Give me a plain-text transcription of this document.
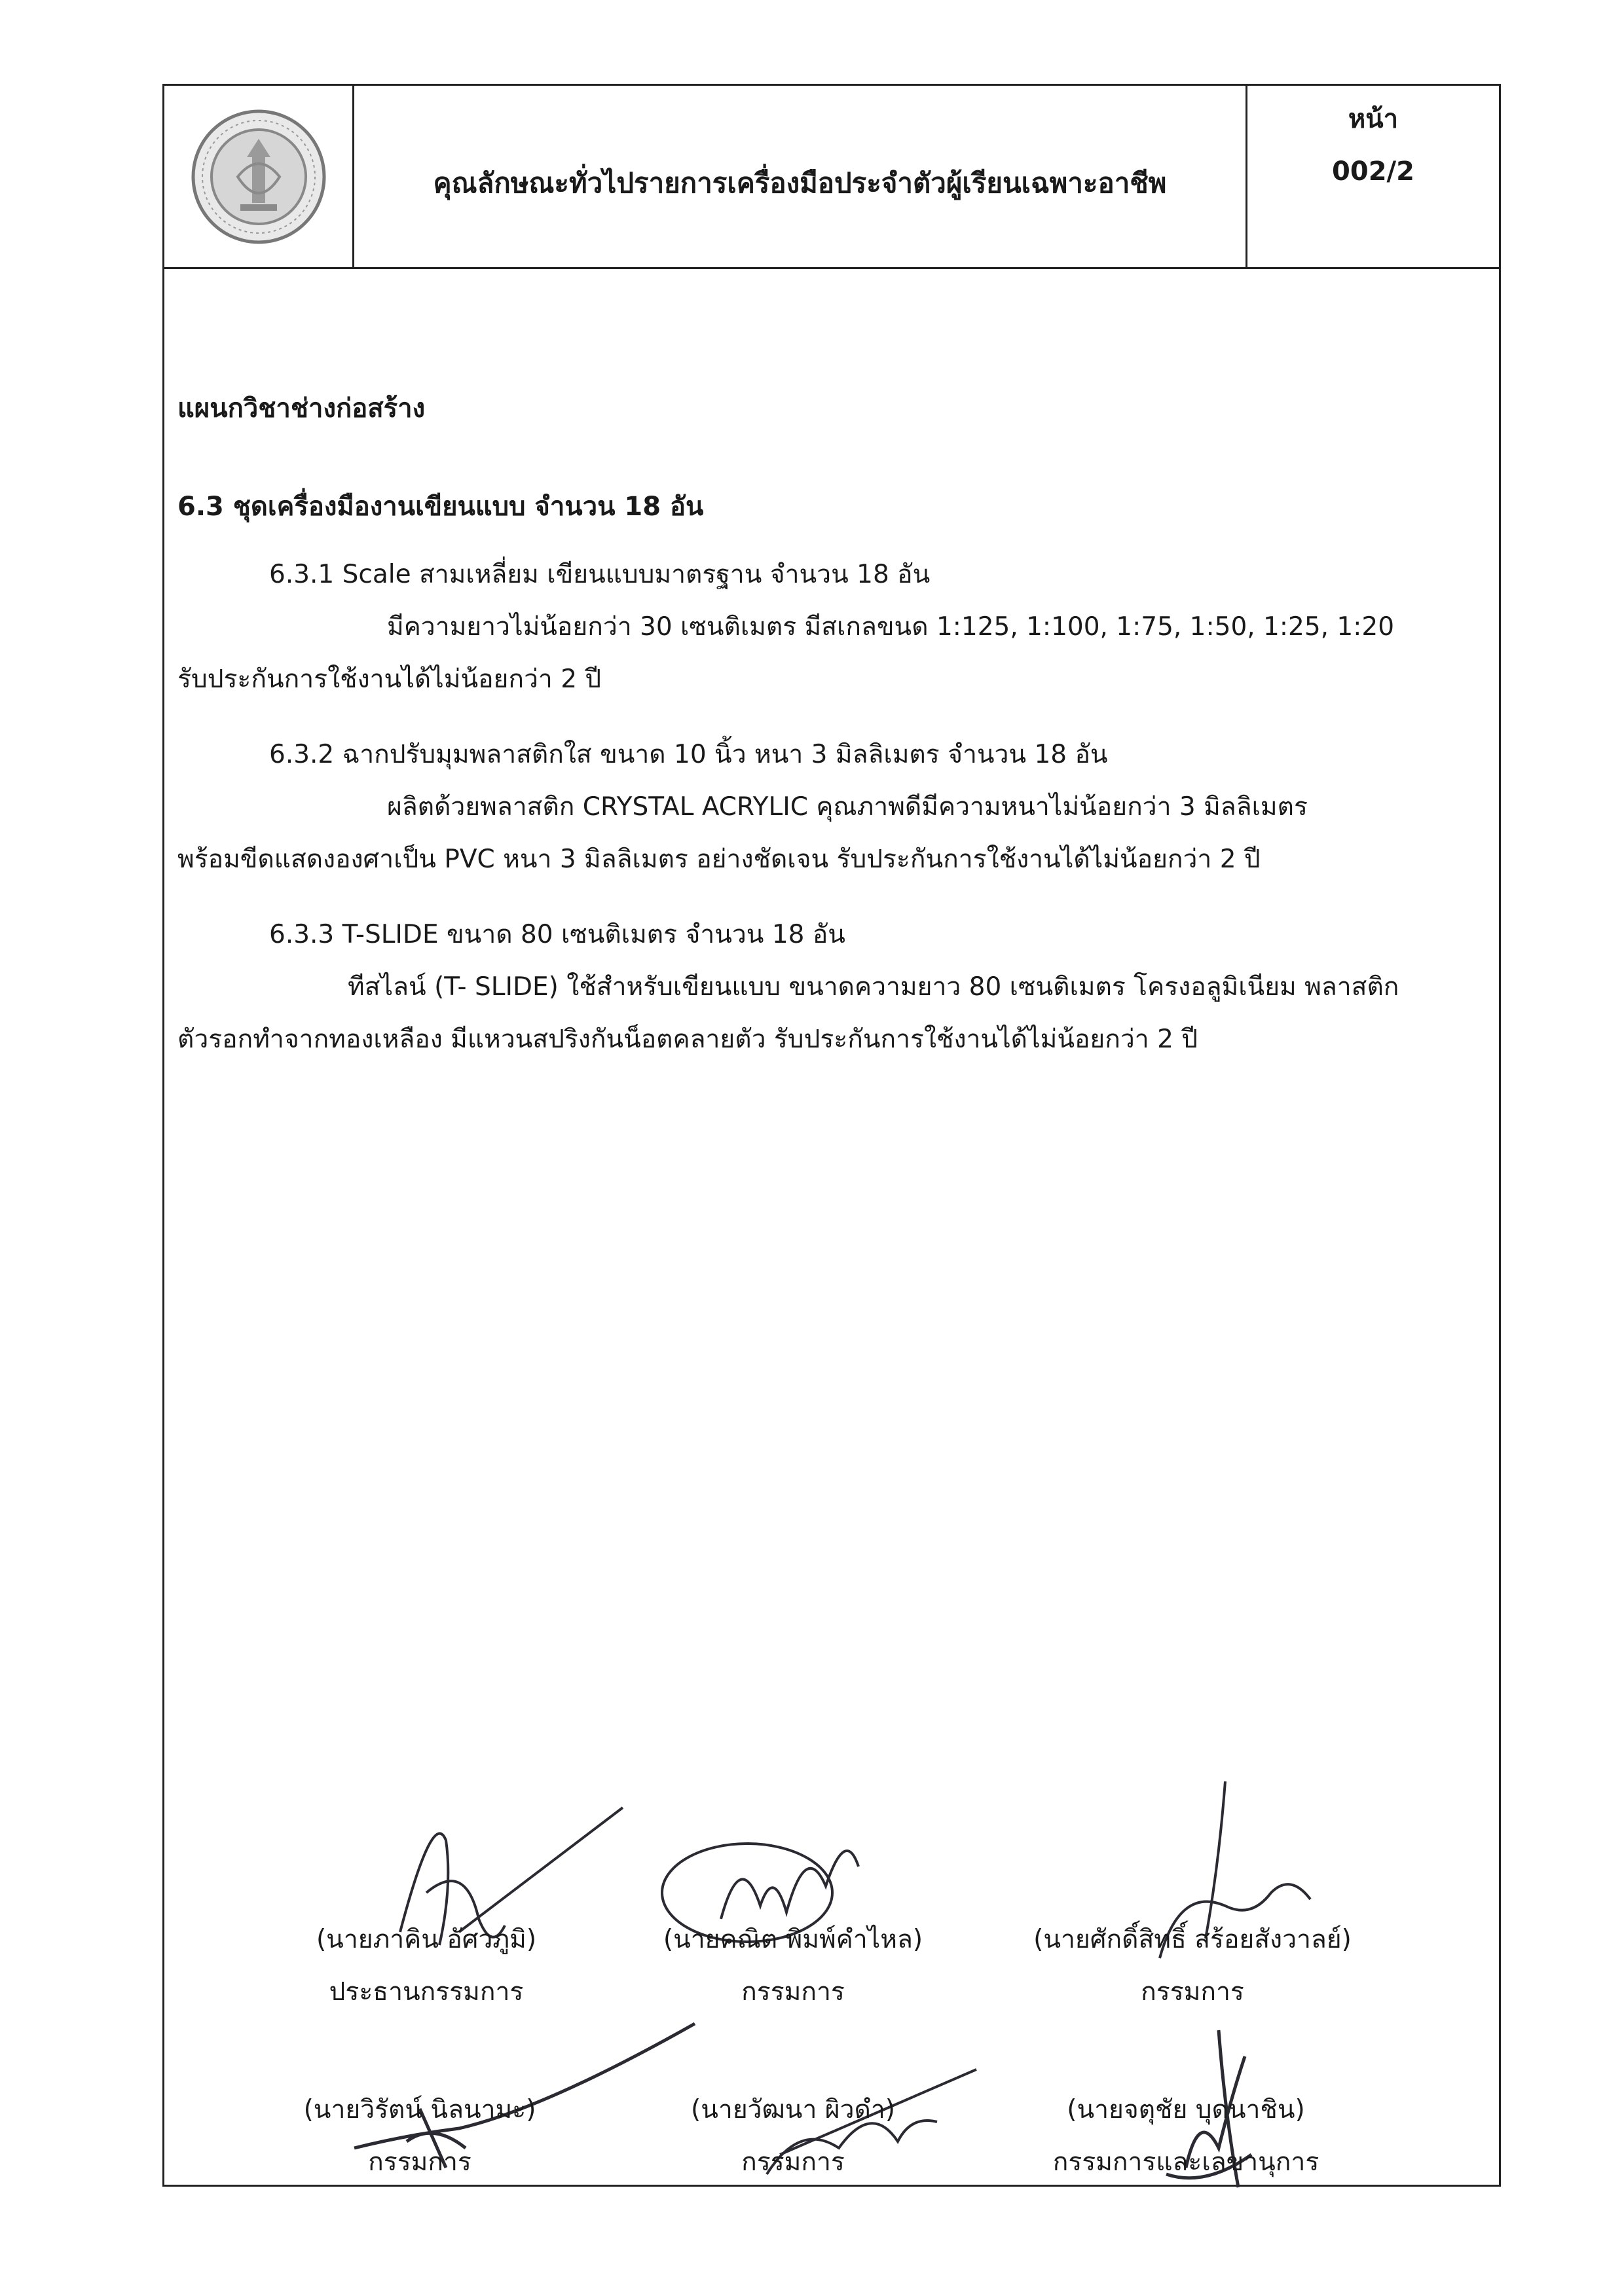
คุณลักษณะทั่วไปรายการเครื่องมือประจำตัวผู้เรียนเฉพาะอาชีพ
หน้า
002/2
แผนกวิชาช่างก่อสร้าง
6.3 ชุดเครื่องมืองานเขียนแบบ จำนวน 18 อัน
6.3.1 Scale สามเหลี่ยม เขียนแบบมาตรฐาน จำนวน 18 อัน
มีความยาวไม่น้อยกว่า 30 เซนติเมตร มีสเกลขนด 1:125, 1:100, 1:75, 1:50, 1:25, 1:20
รับประกันการใช้งานได้ไม่น้อยกว่า 2 ปี
6.3.2 ฉากปรับมุมพลาสติกใส ขนาด 10 นิ้ว หนา 3 มิลลิเมตร จำนวน 18 อัน
ผลิตด้วยพลาสติก CRYSTAL ACRYLIC คุณภาพดีมีความหนาไม่น้อยกว่า 3 มิลลิเมตร
พร้อมขีดแสดงองศาเป็น PVC หนา 3 มิลลิเมตร อย่างชัดเจน รับประกันการใช้งานได้ไม่น้อยกว่า 2 ปี
6.3.3 T-SLIDE ขนาด 80 เซนติเมตร จำนวน 18 อัน
ทีสไลน์ (T- SLIDE) ใช้สำหรับเขียนแบบ ขนาดความยาว 80 เซนติเมตร โครงอลูมิเนียม พลาสติก
ตัวรอกทำจากทองเหลือง มีแหวนสปริงกันน็อตคลายตัว รับประกันการใช้งานได้ไม่น้อยกว่า 2 ปี
(นายภาคิน อัศวภูมิ)
ประธานกรรมการ
(นายคณิต พิมพ์คำไหล)
กรรมการ
(นายศักดิ์สิทธิ์ สร้อยสังวาลย์)
กรรมการ
(นายวิรัตน์ นิลนามะ)
กรรมการ
(นายวัฒนา ผิวดำ)
กรรมการ
(นายจตุชัย บุดนาชิน)
กรรมการและเลขานุการ
